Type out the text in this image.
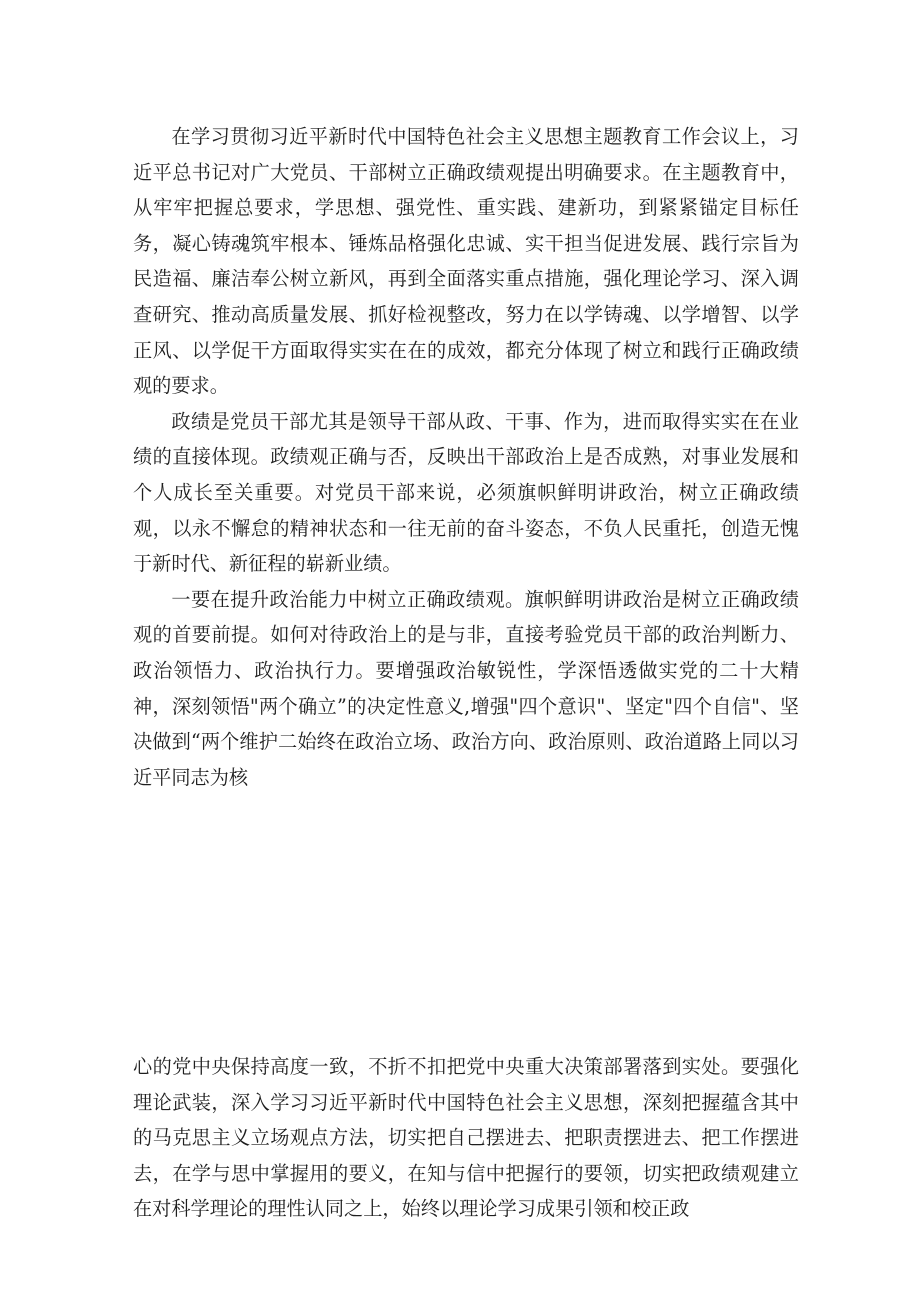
在学习贯彻习近平新时代中国特色社会主义思想主题教育工作会议上，习近平总书记对广大党员、干部树立正确政绩观提出明确要求。在主题教育中，从牢牢把握总要求，学思想、强党性、重实践、建新功，到紧紧锚定目标任务，凝心铸魂筑牢根本、锤炼品格强化忠诚、实干担当促进发展、践行宗旨为民造福、廉洁奉公树立新风，再到全面落实重点措施，强化理论学习、深入调查研究、推动高质量发展、抓好检视整改，努力在以学铸魂、以学增智、以学正风、以学促干方面取得实实在在的成效，都充分体现了树立和践行正确政绩观的要求。

政绩是党员干部尤其是领导干部从政、干事、作为，进而取得实实在在业绩的直接体现。政绩观正确与否，反映出干部政治上是否成熟，对事业发展和个人成长至关重要。对党员干部来说，必须旗帜鲜明讲政治，树立正确政绩观，以永不懈怠的精神状态和一往无前的奋斗姿态，不负人民重托，创造无愧于新时代、新征程的崭新业绩。

一要在提升政治能力中树立正确政绩观。旗帜鲜明讲政治是树立正确政绩观的首要前提。如何对待政治上的是与非，直接考验党员干部的政治判断力、政治领悟力、政治执行力。要增强政治敏锐性，学深悟透做实党的二十大精神，深刻领悟"两个确立”的决定性意义,增强"四个意识"、坚定"四个自信"、坚决做到“两个维护二始终在政治立场、政治方向、政治原则、政治道路上同以习近平同志为核

心的党中央保持高度一致，不折不扣把党中央重大决策部署落到实处。要强化理论武装，深入学习习近平新时代中国特色社会主义思想，深刻把握蕴含其中的马克思主义立场观点方法，切实把自己摆进去、把职责摆进去、把工作摆进去，在学与思中掌握用的要义，在知与信中把握行的要领，切实把政绩观建立在对科学理论的理性认同之上，始终以理论学习成果引领和校正政
